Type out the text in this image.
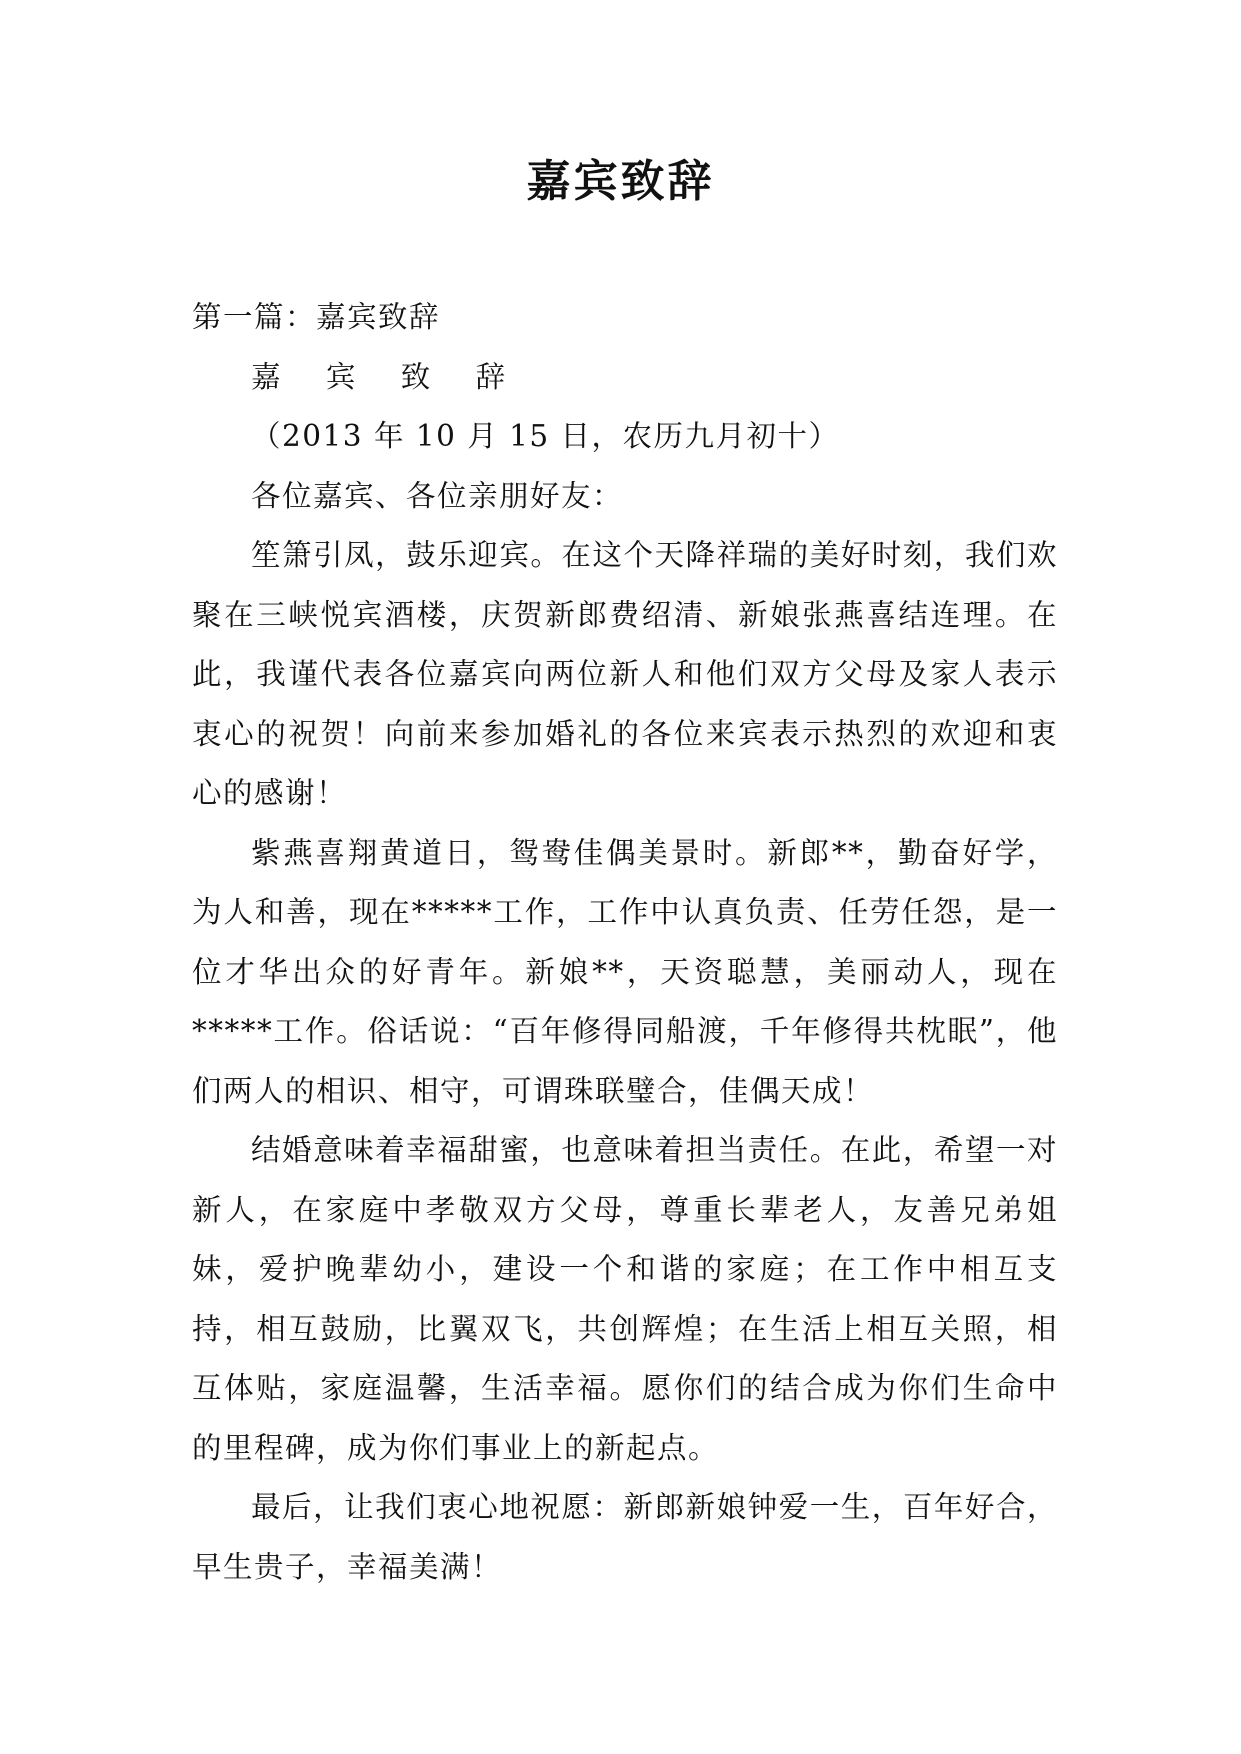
嘉宾致辞

第一篇：嘉宾致辞

嘉 宾 致 辞

（2013 年 10 月 15 日，农历九月初十）

各位嘉宾、各位亲朋好友：

笙箫引凤，鼓乐迎宾。在这个天降祥瑞的美好时刻，我们欢聚在三峡悦宾酒楼，庆贺新郎费绍清、新娘张燕喜结连理。在此，我谨代表各位嘉宾向两位新人和他们双方父母及家人表示衷心的祝贺！向前来参加婚礼的各位来宾表示热烈的欢迎和衷心的感谢！

紫燕喜翔黄道日，鸳鸯佳偶美景时。新郎**，勤奋好学，为人和善，现在*****工作，工作中认真负责、任劳任怨，是一位才华出众的好青年。新娘**，天资聪慧，美丽动人，现在*****工作。俗话说：“百年修得同船渡，千年修得共枕眠”，他们两人的相识、相守，可谓珠联璧合，佳偶天成！

结婚意味着幸福甜蜜，也意味着担当责任。在此，希望一对新人，在家庭中孝敬双方父母，尊重长辈老人，友善兄弟姐妹，爱护晚辈幼小，建设一个和谐的家庭；在工作中相互支持，相互鼓励，比翼双飞，共创辉煌；在生活上相互关照，相互体贴，家庭温馨，生活幸福。愿你们的结合成为你们生命中的里程碑，成为你们事业上的新起点。

最后，让我们衷心地祝愿：新郎新娘钟爱一生，百年好合，早生贵子，幸福美满！
